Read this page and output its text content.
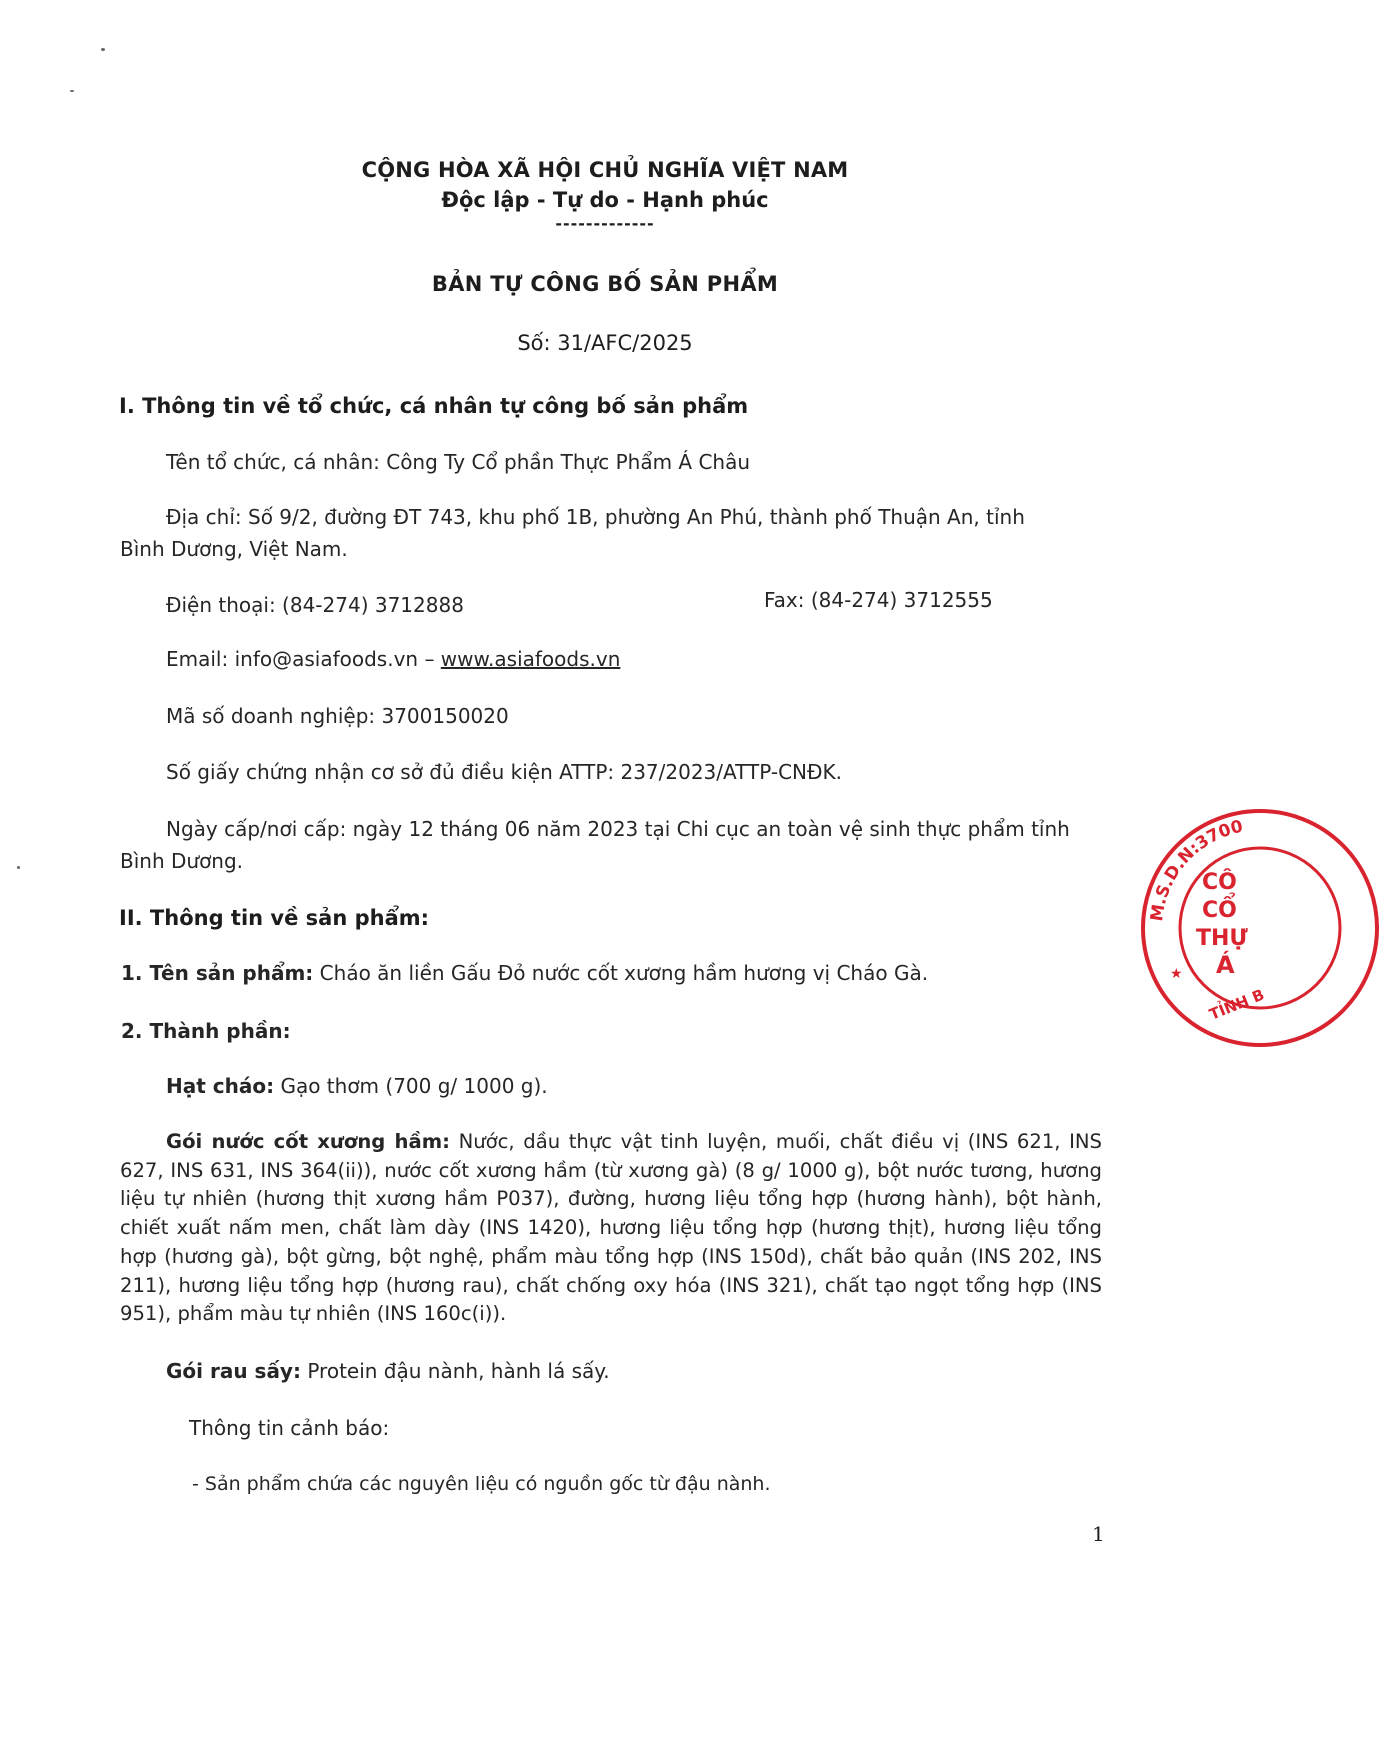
CỘNG HÒA XÃ HỘI CHỦ NGHĨA VIỆT NAM
Độc lập - Tự do - Hạnh phúc
-------------
BẢN TỰ CÔNG BỐ SẢN PHẨM
Số: 31/AFC/2025
I. Thông tin về tổ chức, cá nhân tự công bố sản phẩm
Tên tổ chức, cá nhân: Công Ty Cổ phần Thực Phẩm Á Châu
Địa chỉ: Số 9/2, đường ĐT 743, khu phố 1B, phường An Phú, thành phố Thuận An, tỉnh
Bình Dương, Việt Nam.
Điện thoại: (84-274) 3712888	Fax: (84-274) 3712555
Email: info@asiafoods.vn – www.asiafoods.vn
Mã số doanh nghiệp: 3700150020
Số giấy chứng nhận cơ sở đủ điều kiện ATTP: 237/2023/ATTP-CNĐK.
Ngày cấp/nơi cấp: ngày 12 tháng 06 năm 2023 tại Chi cục an toàn vệ sinh thực phẩm tỉnh
Bình Dương.
II. Thông tin về sản phẩm:
1. Tên sản phẩm: Cháo ăn liền Gấu Đỏ nước cốt xương hầm hương vị Cháo Gà.
2. Thành phần:
Hạt cháo: Gạo thơm (700 g/ 1000 g).
Gói nước cốt xương hầm: Nước, dầu thực vật tinh luyện, muối, chất điều vị (INS 621, INS 627, INS 631, INS 364(ii)), nước cốt xương hầm (từ xương gà) (8 g/ 1000 g), bột nước tương, hương liệu tự nhiên (hương thịt xương hầm P037), đường, hương liệu tổng hợp (hương hành), bột hành, chiết xuất nấm men, chất làm dày (INS 1420), hương liệu tổng hợp (hương thịt), hương liệu tổng hợp (hương gà), bột gừng, bột nghệ, phẩm màu tổng hợp (INS 150d), chất bảo quản (INS 202, INS 211), hương liệu tổng hợp (hương rau), chất chống oxy hóa (INS 321), chất tạo ngọt tổng hợp (INS 951), phẩm màu tự nhiên (INS 160c(i)).
Gói rau sấy: Protein đậu nành, hành lá sấy.
Thông tin cảnh báo:
- Sản phẩm chứa các nguyên liệu có nguồn gốc từ đậu nành.
1
M.S.D.N:3700
CÔ
CỔ
THỰ
Á
★
TỈNH B
